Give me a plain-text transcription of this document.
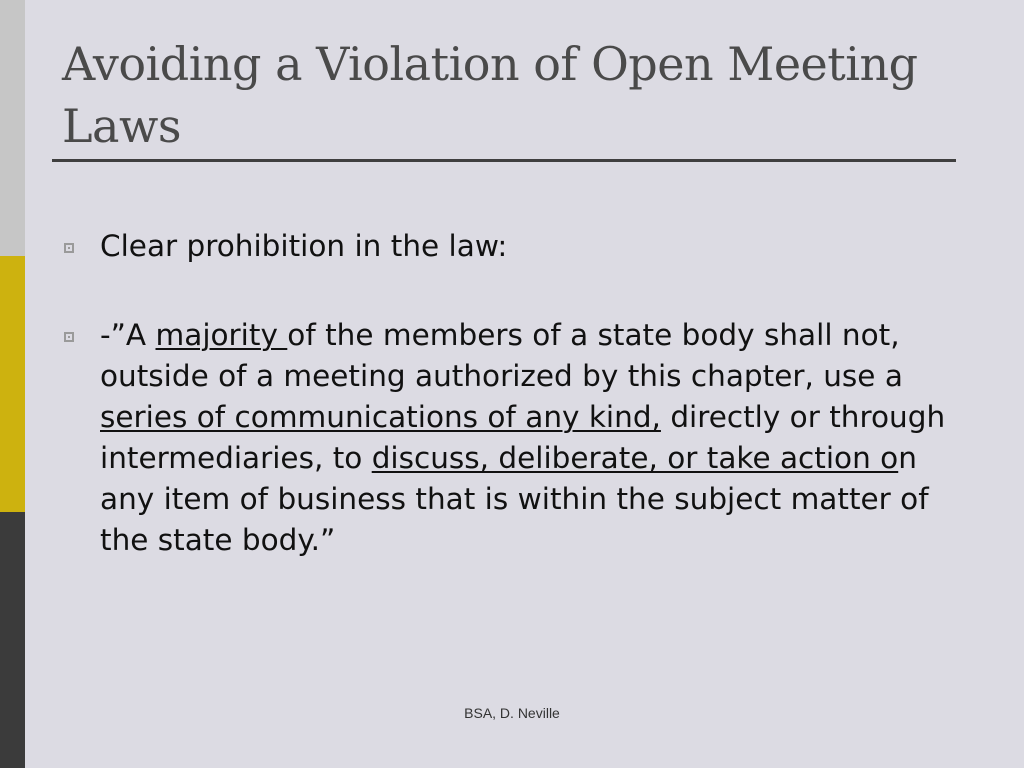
Avoiding a Violation of Open Meeting Laws
Clear prohibition in the law:
-”A majority of the members of a state body shall not, outside of a meeting authorized by this chapter, use a series of communications of any kind, directly or through intermediaries, to discuss, deliberate, or take action on any item of business that is within the subject matter of the state body.”
BSA, D. Neville
